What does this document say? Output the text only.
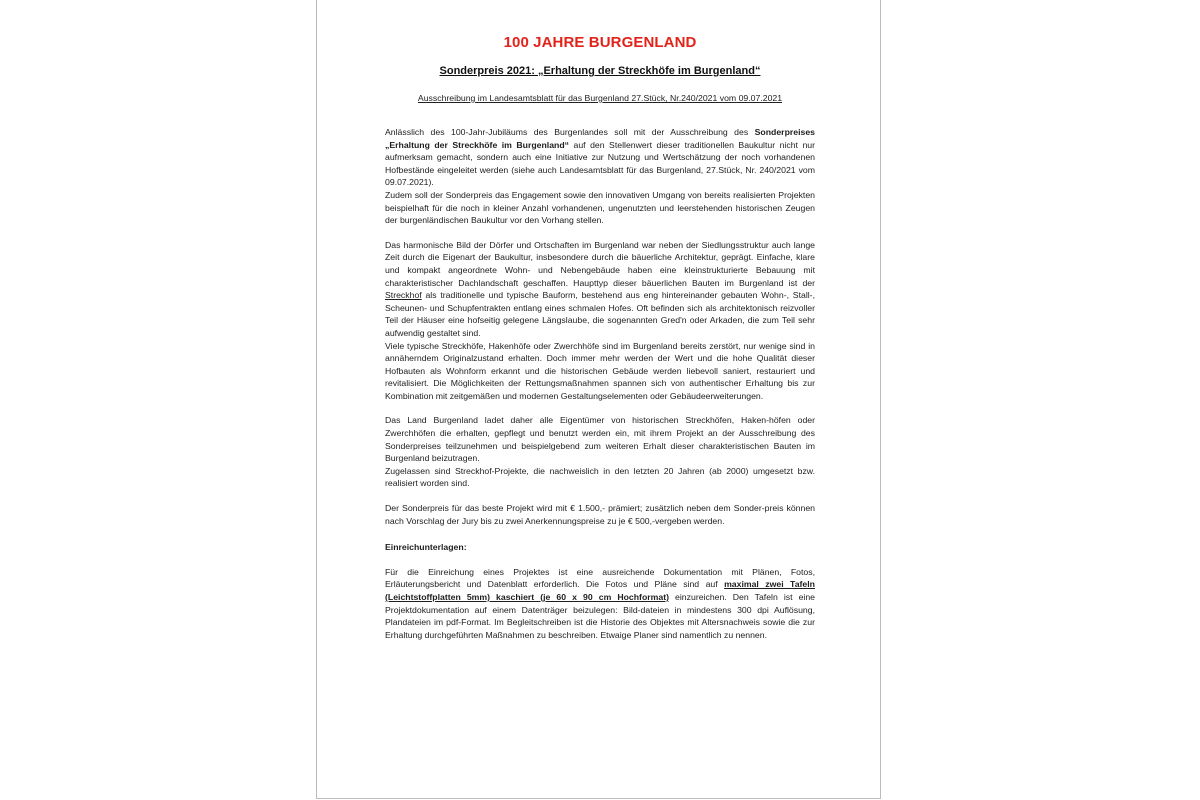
100 JAHRE BURGENLAND
Sonderpreis 2021: „Erhaltung der Streckhöfe im Burgenland“
Ausschreibung im Landesamtsblatt für das Burgenland 27.Stück, Nr.240/2021 vom 09.07.2021

Anlässlich des 100-Jahr-Jubiläums des Burgenlandes soll mit der Ausschreibung des Sonderpreises „Erhaltung der Streckhöfe im Burgenland“ auf den Stellenwert dieser traditionellen Baukultur nicht nur aufmerksam gemacht, sondern auch eine Initiative zur Nutzung und Wertschätzung der noch vorhandenen Hofbestände eingeleitet werden (siehe auch Landesamtsblatt für das Burgenland, 27.Stück, Nr. 240/2021 vom 09.07.2021).

Zudem soll der Sonderpreis das Engagement sowie den innovativen Umgang von bereits realisierten Projekten beispielhaft für die noch in kleiner Anzahl vorhandenen, ungenutzten und leerstehenden historischen Zeugen der burgenländischen Baukultur vor den Vorhang stellen.

Das harmonische Bild der Dörfer und Ortschaften im Burgenland war neben der Siedlungsstruktur auch lange Zeit durch die Eigenart der Baukultur, insbesondere durch die bäuerliche Architektur, geprägt. Einfache, klare und kompakt angeordnete Wohn- und Nebengebäude haben eine kleinstrukturierte Bebauung mit charakteristischer Dachlandschaft geschaffen. Haupttyp dieser bäuerlichen Bauten im Burgenland ist der Streckhof als traditionelle und typische Bauform, bestehend aus eng hintereinander gebauten Wohn-, Stall-, Scheunen- und Schupfentrakten entlang eines schmalen Hofes. Oft befinden sich als architektonisch reizvoller Teil der Häuser eine hofseitig gelegene Längslaube, die sogenannten Gred'n oder Arkaden, die zum Teil sehr aufwendig gestaltet sind.

Viele typische Streckhöfe, Hakenhöfe oder Zwerchhöfe sind im Burgenland bereits zerstört, nur wenige sind in annäherndem Originalzustand erhalten. Doch immer mehr werden der Wert und die hohe Qualität dieser Hofbauten als Wohnform erkannt und die historischen Gebäude werden liebevoll saniert, restauriert und revitalisiert. Die Möglichkeiten der Rettungsmaßnahmen spannen sich von authentischer Erhaltung bis zur Kombination mit zeitgemäßen und modernen Gestaltungselementen oder Gebäudeerweiterungen.

Das Land Burgenland ladet daher alle Eigentümer von historischen Streckhöfen, Haken-höfen oder Zwerchhöfen die erhalten, gepflegt und benutzt werden ein, mit ihrem Projekt an der Ausschreibung des Sonderpreises teilzunehmen und beispielgebend zum weiteren Erhalt dieser charakteristischen Bauten im Burgenland beizutragen.

Zugelassen sind Streckhof-Projekte, die nachweislich in den letzten 20 Jahren (ab 2000) umgesetzt bzw. realisiert worden sind.

Der Sonderpreis für das beste Projekt wird mit € 1.500,- prämiert; zusätzlich neben dem Sonder-preis können nach Vorschlag der Jury bis zu zwei Anerkennungspreise zu je € 500,-vergeben werden.

Einreichunterlagen:

Für die Einreichung eines Projektes ist eine ausreichende Dokumentation mit Plänen, Fotos, Erläuterungsbericht und Datenblatt erforderlich. Die Fotos und Pläne sind auf maximal zwei Tafeln (Leichtstoffplatten 5mm) kaschiert (je 60 x 90 cm Hochformat) einzureichen. Den Tafeln ist eine Projektdokumentation auf einem Datenträger beizulegen: Bild-dateien in mindestens 300 dpi Auflösung, Plandateien im pdf-Format. Im Begleitschreiben ist die Historie des Objektes mit Altersnachweis sowie die zur Erhaltung durchgeführten Maßnahmen zu beschreiben. Etwaige Planer sind namentlich zu nennen.
